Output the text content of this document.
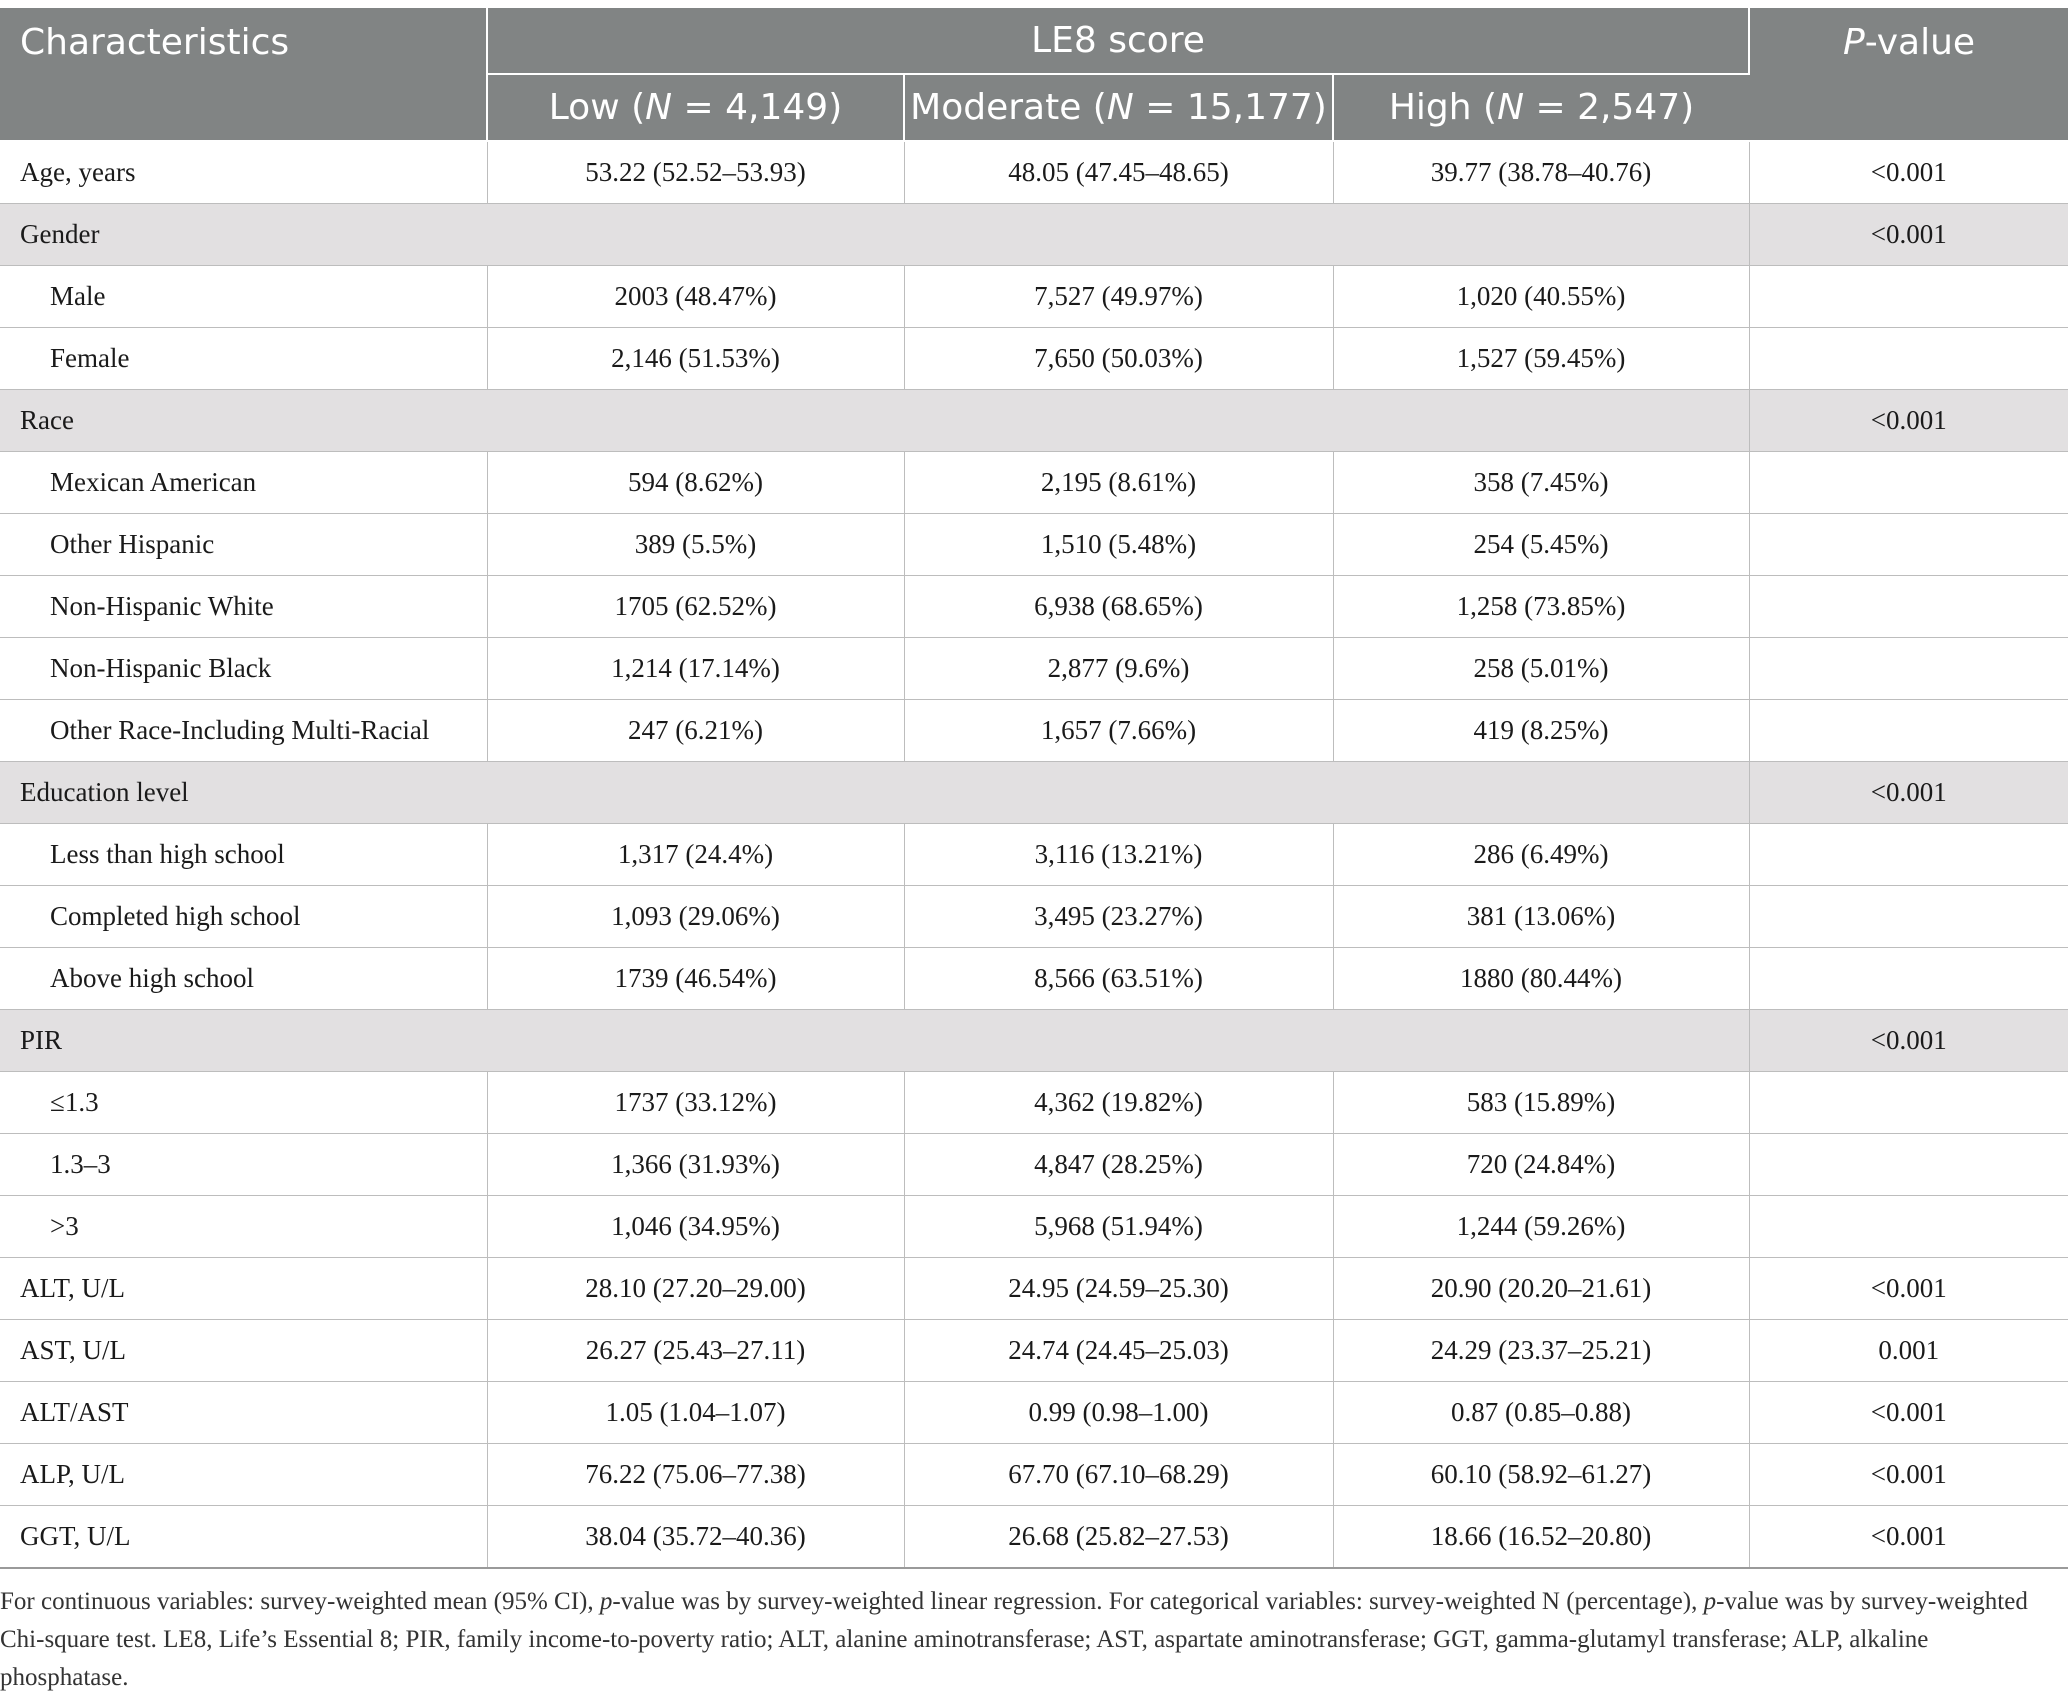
Characteristics	LE8 score			P-value
	Low (N = 4,149)	Moderate (N = 15,177)	High (N = 2,547)	
Age, years	53.22 (52.52–53.93)	48.05 (47.45–48.65)	39.77 (38.78–40.76)	<0.001
Gender				<0.001
Male	2003 (48.47%)	7,527 (49.97%)	1,020 (40.55%)	
Female	2,146 (51.53%)	7,650 (50.03%)	1,527 (59.45%)	
Race				<0.001
Mexican American	594 (8.62%)	2,195 (8.61%)	358 (7.45%)	
Other Hispanic	389 (5.5%)	1,510 (5.48%)	254 (5.45%)	
Non-Hispanic White	1705 (62.52%)	6,938 (68.65%)	1,258 (73.85%)	
Non-Hispanic Black	1,214 (17.14%)	2,877 (9.6%)	258 (5.01%)	
Other Race-Including Multi-Racial	247 (6.21%)	1,657 (7.66%)	419 (8.25%)	
Education level				<0.001
Less than high school	1,317 (24.4%)	3,116 (13.21%)	286 (6.49%)	
Completed high school	1,093 (29.06%)	3,495 (23.27%)	381 (13.06%)	
Above high school	1739 (46.54%)	8,566 (63.51%)	1880 (80.44%)	
PIR				<0.001
≤1.3	1737 (33.12%)	4,362 (19.82%)	583 (15.89%)	
1.3–3	1,366 (31.93%)	4,847 (28.25%)	720 (24.84%)	
>3	1,046 (34.95%)	5,968 (51.94%)	1,244 (59.26%)	
ALT, U/L	28.10 (27.20–29.00)	24.95 (24.59–25.30)	20.90 (20.20–21.61)	<0.001
AST, U/L	26.27 (25.43–27.11)	24.74 (24.45–25.03)	24.29 (23.37–25.21)	0.001
ALT/AST	1.05 (1.04–1.07)	0.99 (0.98–1.00)	0.87 (0.85–0.88)	<0.001
ALP, U/L	76.22 (75.06–77.38)	67.70 (67.10–68.29)	60.10 (58.92–61.27)	<0.001
GGT, U/L	38.04 (35.72–40.36)	26.68 (25.82–27.53)	18.66 (16.52–20.80)	<0.001
For continuous variables: survey-weighted mean (95% CI), p-value was by survey-weighted linear regression. For categorical variables: survey-weighted N (percentage), p-value was by survey-weighted Chi-square test. LE8, Life’s Essential 8; PIR, family income-to-poverty ratio; ALT, alanine aminotransferase; AST, aspartate aminotransferase; GGT, gamma-glutamyl transferase; ALP, alkaline phosphatase.
